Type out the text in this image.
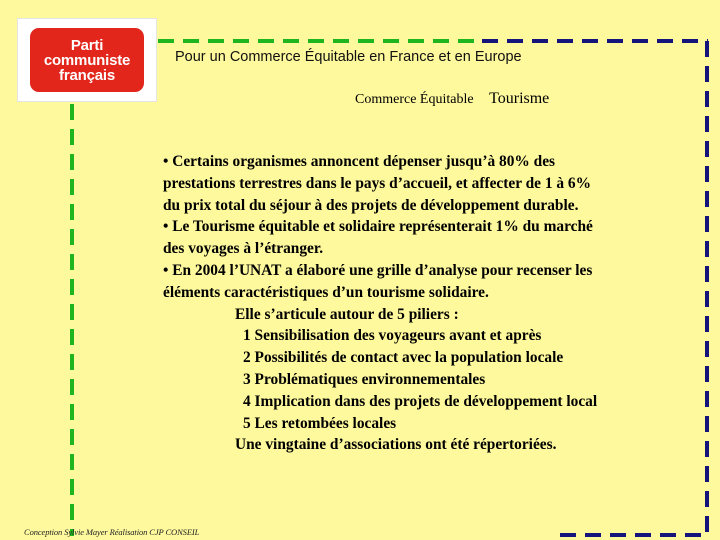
Parti
communiste
français
Pour un Commerce Équitable en France et en Europe
Commerce Équitable Tourisme
• Certains organismes annoncent dépenser jusqu’à 80% des
prestations terrestres dans le pays d’accueil, et affecter de 1 à 6%
du prix total du séjour à des projets de développement durable.
• Le Tourisme équitable et solidaire représenterait 1% du marché
des voyages à l’étranger.
• En 2004 l’UNAT a élaboré une grille d’analyse pour recenser les
éléments caractéristiques d’un tourisme solidaire.
Elle s’articule autour de 5 piliers :
1 Sensibilisation des voyageurs avant et après
2 Possibilités de contact avec la population locale
3 Problématiques environnementales
4 Implication dans des projets de développement local
5 Les retombées locales
Une vingtaine d’associations ont été répertoriées.
Conception Sylvie Mayer Réalisation CJP CONSEIL
